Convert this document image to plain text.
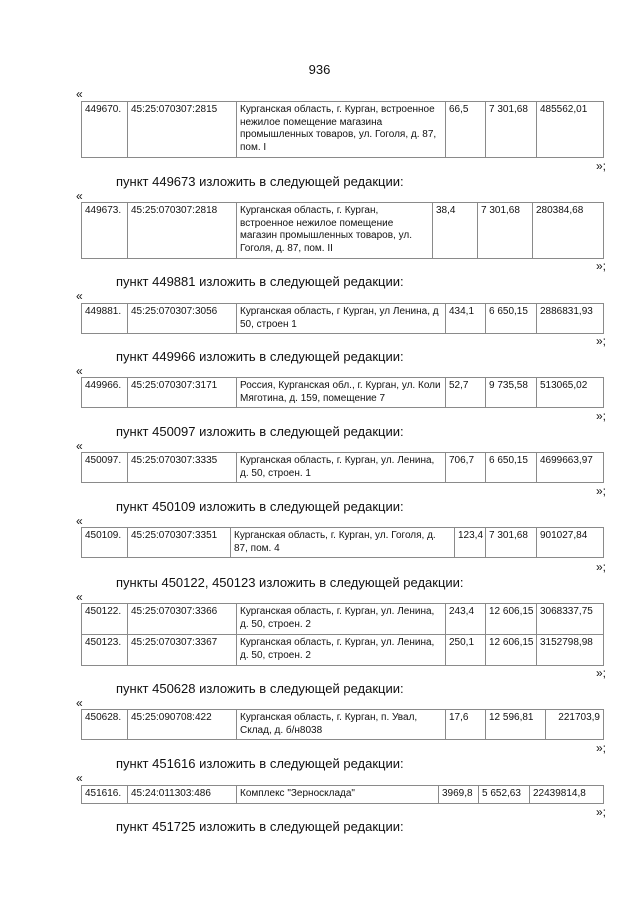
936
«
449670.	45:25:070307:2815	Курганская область, г. Курган, встроенное нежилое помещение магазина промышленных товаров, ул. Гоголя, д. 87, пом. I	66,5	7 301,68	485562,01
»;
пункт 449673 изложить в следующей редакции:
«
449673.	45:25:070307:2818	Курганская область, г. Курган, встроенное нежилое помещение магазин промышленных товаров, ул. Гоголя, д. 87, пом. II	38,4	7 301,68	280384,68
»;
пункт 449881 изложить в следующей редакции:
«
449881.	45:25:070307:3056	Курганская область, г Курган, ул Ленина, д 50, строен 1	434,1	6 650,15	2886831,93
»;
пункт 449966 изложить в следующей редакции:
«
449966.	45:25:070307:3171	Россия, Курганская обл., г. Курган, ул. Коли Мяготина, д. 159, помещение 7	52,7	9 735,58	513065,02
»;
пункт 450097 изложить в следующей редакции:
«
450097.	45:25:070307:3335	Курганская область, г. Курган, ул. Ленина, д. 50, строен. 1	706,7	6 650,15	4699663,97
»;
пункт 450109 изложить в следующей редакции:
«
450109.	45:25:070307:3351	Курганская область, г. Курган, ул. Гоголя, д. 87, пом. 4	123,4	7 301,68	901027,84
»;
пункты 450122, 450123 изложить в следующей редакции:
«
450122.	45:25:070307:3366	Курганская область, г. Курган, ул. Ленина, д. 50, строен. 2	243,4	12 606,15	3068337,75
450123.	45:25:070307:3367	Курганская область, г. Курган, ул. Ленина, д. 50, строен. 2	250,1	12 606,15	3152798,98
»;
пункт 450628 изложить в следующей редакции:
«
450628.	45:25:090708:422	Курганская область, г. Курган, п. Увал, Склад, д. б/н8038	17,6	12 596,81	221703,9
»;
пункт 451616 изложить в следующей редакции:
«
451616.	45:24:011303:486	Комплекс "Зерносклада"	3969,8	5 652,63	22439814,8
»;
пункт 451725 изложить в следующей редакции:
